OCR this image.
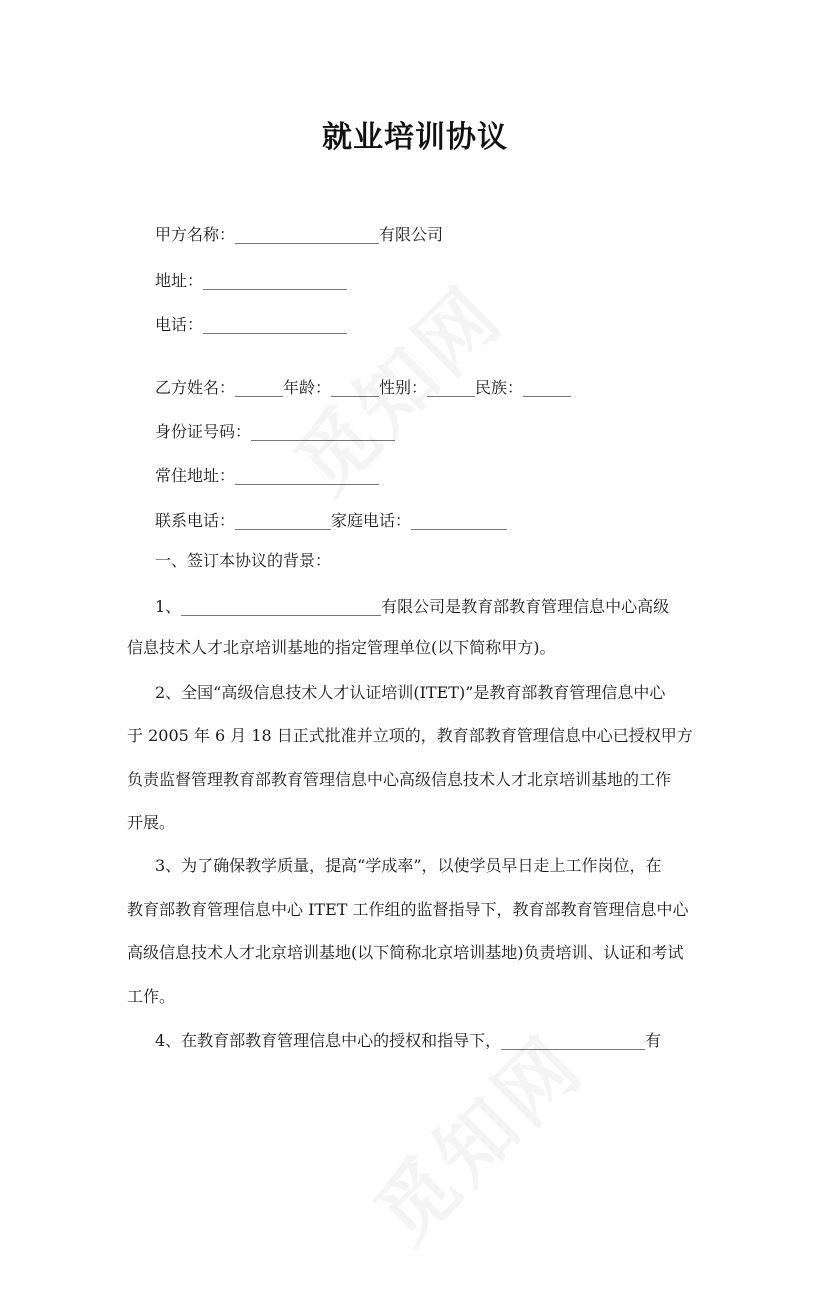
就业培训协议
甲方名称：__________________有限公司
地址：__________________
电话：__________________
乙方姓名：______年龄：______性别：______民族：______
身份证号码：__________________
常住地址：__________________
联系电话：____________家庭电话：____________
一、签订本协议的背景：
1、_________________________有限公司是教育部教育管理信息中心高级
信息技术人才北京培训基地的指定管理单位(以下简称甲方)。
2、全国“高级信息技术人才认证培训(ITET)”是教育部教育管理信息中心
于 2005 年 6 月 18 日正式批准并立项的，教育部教育管理信息中心已授权甲方
负责监督管理教育部教育管理信息中心高级信息技术人才北京培训基地的工作
开展。
3、为了确保教学质量，提高“学成率”，以使学员早日走上工作岗位，在
教育部教育管理信息中心 ITET 工作组的监督指导下，教育部教育管理信息中心
高级信息技术人才北京培训基地(以下简称北京培训基地)负责培训、认证和考试
工作。
4、在教育部教育管理信息中心的授权和指导下，__________________有
